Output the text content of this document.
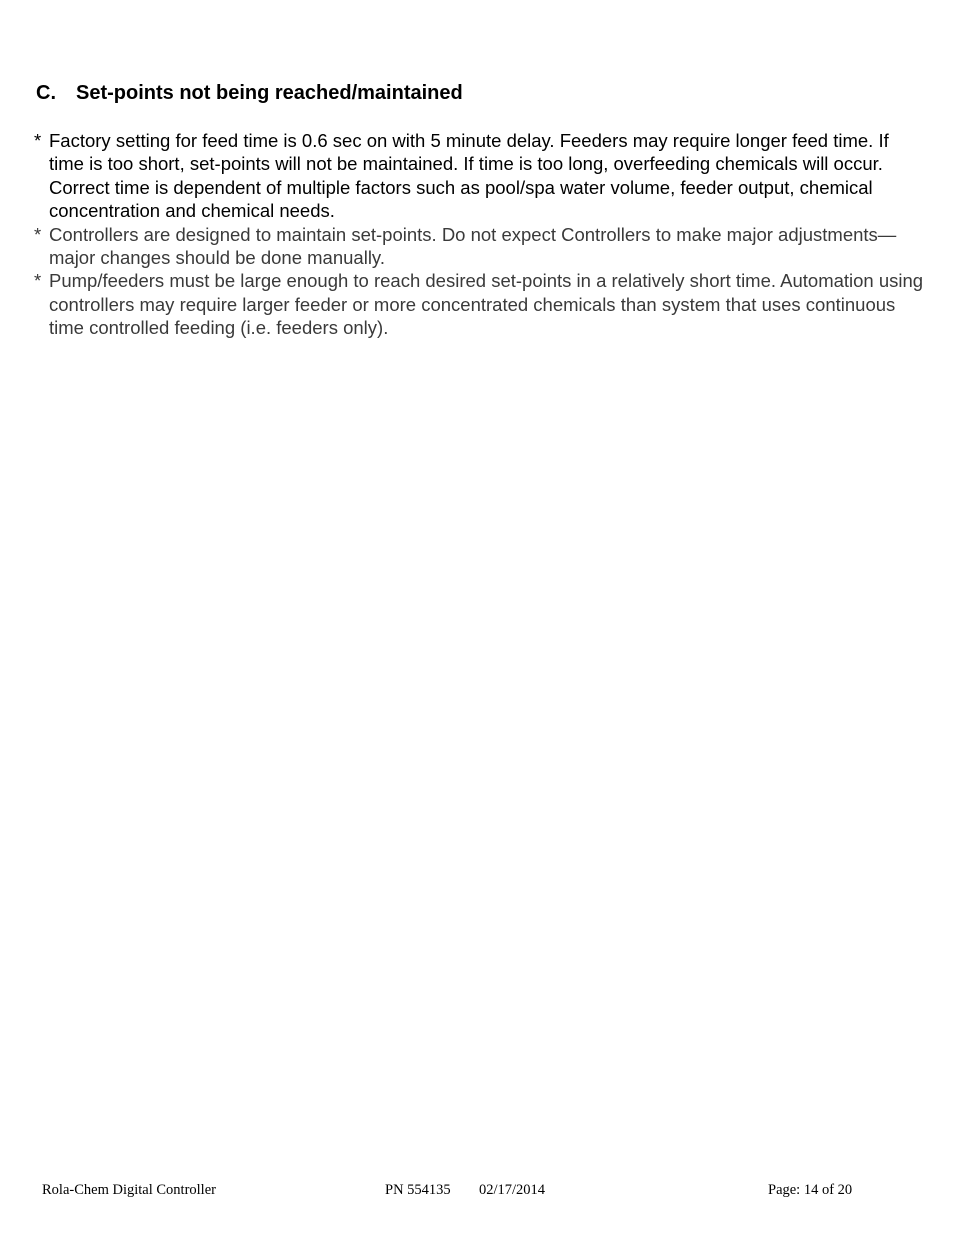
C. Set-points not being reached/maintained
* Factory setting for feed time is 0.6 sec on with 5 minute delay. Feeders may require longer feed time. If time is too short, set-points will not be maintained. If time is too long, overfeeding chemicals will occur. Correct time is dependent of multiple factors such as pool/spa water volume, feeder output, chemical concentration and chemical needs.
* Controllers are designed to maintain set-points. Do not expect Controllers to make major adjustments—major changes should be done manually.
* Pump/feeders must be large enough to reach desired set-points in a relatively short time. Automation using controllers may require larger feeder or more concentrated chemicals than system that uses continuous time controlled feeding (i.e. feeders only).
Rola-Chem Digital Controller	PN 554135 02/17/2014	Page: 14 of 20
